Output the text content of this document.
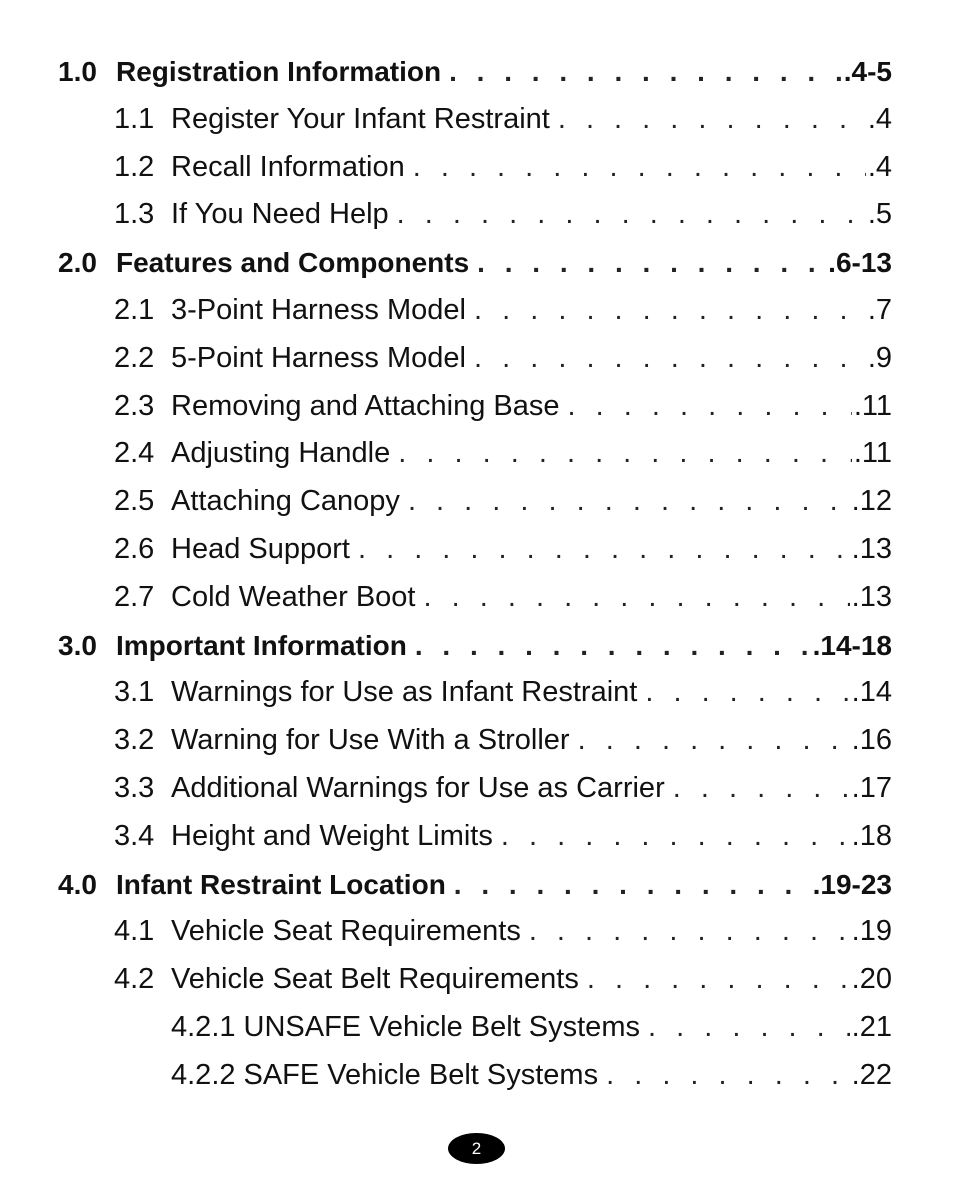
1.0 Registration Information . . .	.4-5
1.1 Register Your Infant Restraint . . .	.4
1.2 Recall Information . . .	.4
1.3 If You Need Help . . .	.5
2.0 Features and Components . . .	.6-13
2.1 3-Point Harness Model . . .	.7
2.2 5-Point Harness Model . . .	.9
2.3 Removing and Attaching Base . . .	.11
2.4 Adjusting Handle . . .	.11
2.5 Attaching Canopy . . .	.12
2.6 Head Support . . .	.13
2.7 Cold Weather Boot . . .	.13
3.0 Important Information . . .	.14-18
3.1 Warnings for Use as Infant Restraint . . .	.14
3.2 Warning for Use With a Stroller . . .	.16
3.3 Additional Warnings for Use as Carrier . . .	.17
3.4 Height and Weight Limits . . .	.18
4.0 Infant Restraint Location . . .	.19-23
4.1 Vehicle Seat Requirements . . .	.19
4.2 Vehicle Seat Belt Requirements . . .	.20
4.2.1 UNSAFE Vehicle Belt Systems . . .	.21
4.2.2 SAFE Vehicle Belt Systems . . .	.22
2
